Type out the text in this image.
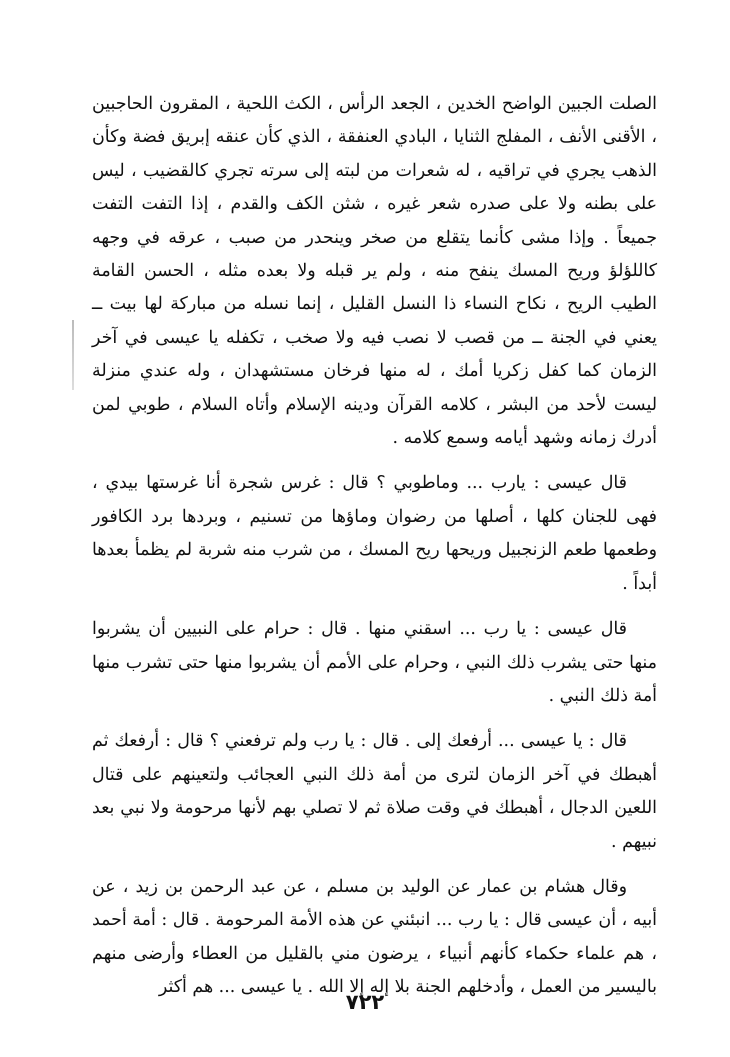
الصلت الجبين الواضح الخدين ، الجعد الرأس ، الكث اللحية ، المقرون الحاجبين ، الأقنى الأنف ، المفلج الثنايا ، البادي العنفقة ، الذي كأن عنقه إبريق فضة وكأن الذهب يجري في تراقيه ، له شعرات من لبته إلى سرته تجري كالقضيب ، ليس على بطنه ولا على صدره شعر غيره ، شثن الكف والقدم ، إذا التفت التفت جميعاً . وإذا مشى كأنما يتقلع من صخر وينحدر من صبب ، عرقه في وجهه كاللؤلؤ وريح المسك ينفح منه ، ولم ير قبله ولا بعده مثله ، الحسن القامة الطيب الريح ، نكاح النساء ذا النسل القليل ، إنما نسله من مباركة لها بيت ــ يعني في الجنة ــ من قصب لا نصب فيه ولا صخب ، تكفله يا عيسى في آخر الزمان كما كفل زكريا أمك ، له منها فرخان مستشهدان ، وله عندي منزلة ليست لأحد من البشر ، كلامه القرآن ودينه الإسلام وأتاه السلام ، طوبي لمن أدرك زمانه وشهد أيامه وسمع كلامه .

قال عيسى : يارب ... وماطوبي ؟ قال : غرس شجرة أنا غرستها بيدي ، فهى للجنان كلها ، أصلها من رضوان وماؤها من تسنيم ، وبردها برد الكافور وطعمها طعم الزنجبيل وريحها ريح المسك ، من شرب منه شربة لم يظمأ بعدها أبداً .

قال عيسى : يا رب ... اسقني منها . قال : حرام على النبيين أن يشربوا منها حتى يشرب ذلك النبي ، وحرام على الأمم أن يشربوا منها حتى تشرب منها أمة ذلك النبي .

قال : يا عيسى ... أرفعك إلى . قال : يا رب ولم ترفعني ؟ قال : أرفعك ثم أهبطك في آخر الزمان لترى من أمة ذلك النبي العجائب ولتعينهم على قتال اللعين الدجال ، أهبطك في وقت صلاة ثم لا تصلي بهم لأنها مرحومة ولا نبي بعد نبيهم .

وقال هشام بن عمار عن الوليد بن مسلم ، عن عبد الرحمن بن زيد ، عن أبيه ، أن عيسى قال : يا رب ... انبئني عن هذه الأمة المرحومة . قال : أمة أحمد ، هم علماء حكماء كأنهم أنبياء ، يرضون مني بالقليل من العطاء وأرضى منهم باليسير من العمل ، وأدخلهم الجنة بلا إله إلا الله . يا عيسى ... هم أكثر

٧٢٢
